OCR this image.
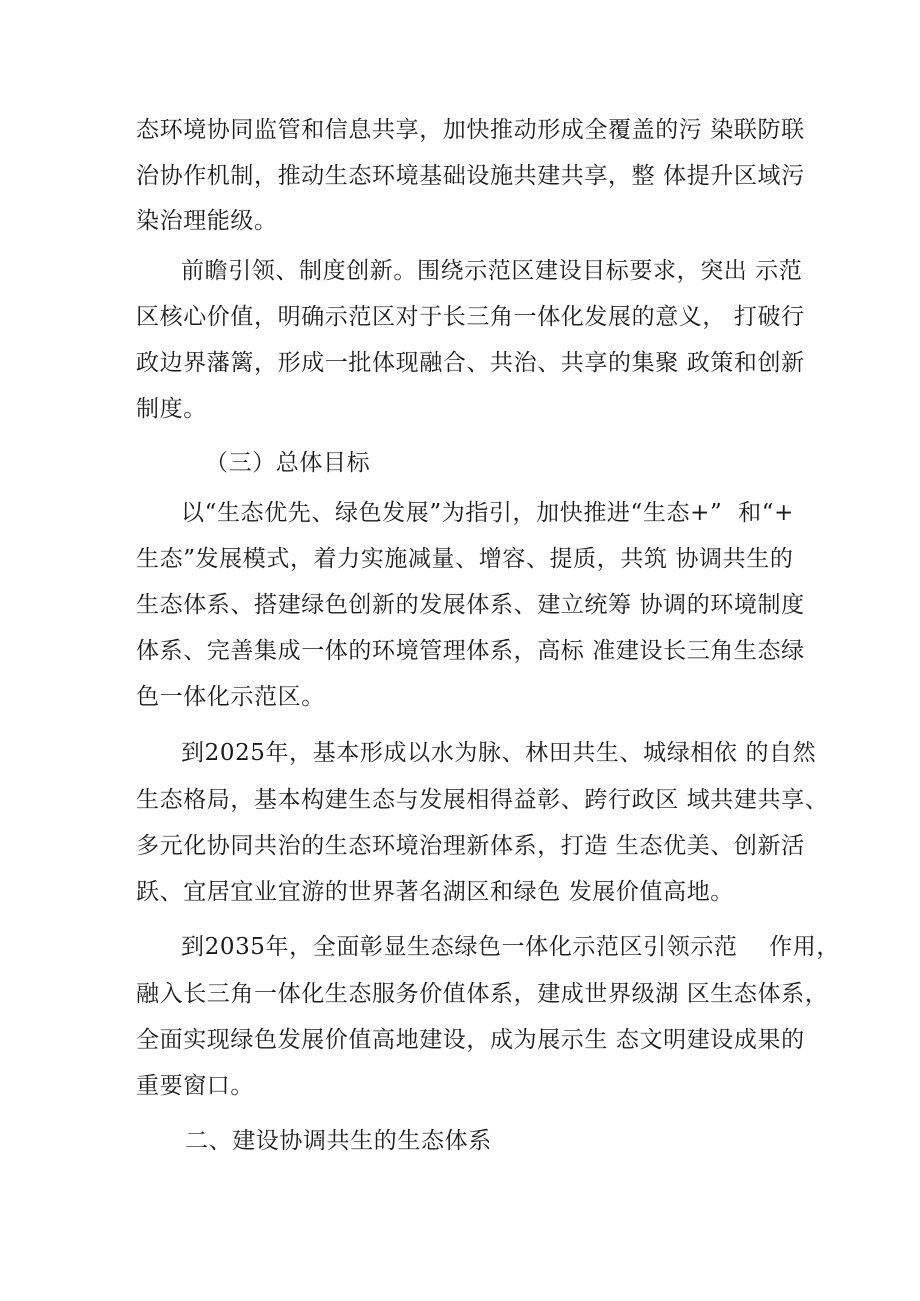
态环境协同监管和信息共享，加快推动形成全覆盖的污 染联防联
治协作机制，推动生态环境基础设施共建共享，整 体提升区域污
染治理能级。
前瞻引领、制度创新。围绕示范区建设目标要求，突出 示范
区核心价值，明确示范区对于长三角一体化发展的意义， 打破行
政边界藩篱，形成一批体现融合、共治、共享的集聚 政策和创新
制度。
（三）总体目标
以“生态优先、绿色发展”为指引，加快推进“生态+”  和“+
生态”发展模式，着力实施减量、增容、提质，共筑 协调共生的
生态体系、搭建绿色创新的发展体系、建立统筹 协调的环境制度
体系、完善集成一体的环境管理体系，高标 准建设长三角生态绿
色一体化示范区。
到2025年，基本形成以水为脉、林田共生、城绿相依 的自然
生态格局，基本构建生态与发展相得益彰、跨行政区 域共建共享、
多元化协同共治的生态环境治理新体系，打造 生态优美、创新活
跃、宜居宜业宜游的世界著名湖区和绿色 发展价值高地。
到2035年，全面彰显生态绿色一体化示范区引领示范    作用，
融入长三角一体化生态服务价值体系，建成世界级湖 区生态体系，
全面实现绿色发展价值高地建设，成为展示生 态文明建设成果的
重要窗口。
二、建设协调共生的生态体系
